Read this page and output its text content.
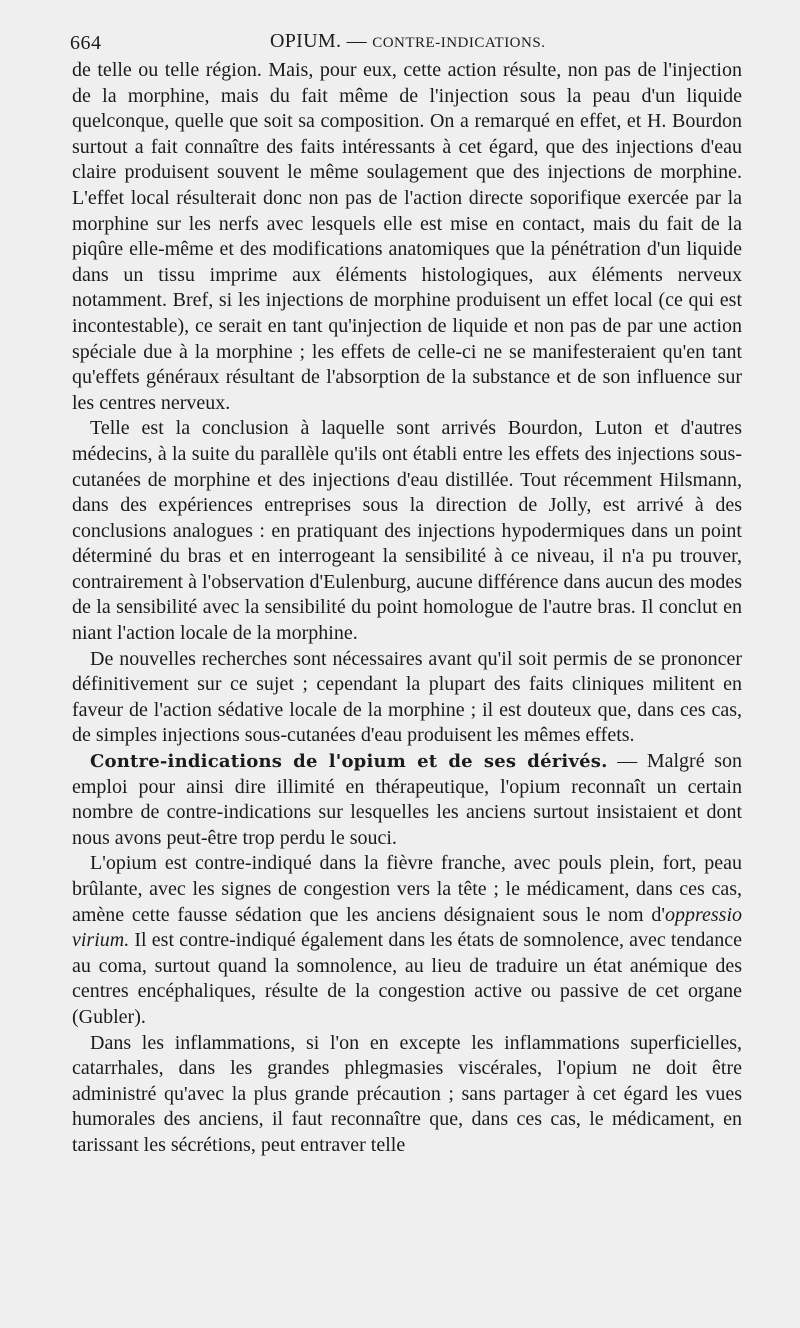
664	OPIUM. — CONTRE-INDICATIONS.

de telle ou telle région. Mais, pour eux, cette action résulte, non pas de l'injection de la morphine, mais du fait même de l'injection sous la peau d'un liquide quelconque, quelle que soit sa composition. On a remarqué en effet, et H. Bourdon surtout a fait connaître des faits intéressants à cet égard, que des injections d'eau claire produisent souvent le même soulagement que des injections de morphine. L'effet local résulterait donc non pas de l'action directe soporifique exercée par la morphine sur les nerfs avec lesquels elle est mise en contact, mais du fait de la piqûre elle-même et des modifications anatomiques que la pénétration d'un liquide dans un tissu imprime aux éléments histologiques, aux éléments nerveux notamment. Bref, si les injections de morphine produisent un effet local (ce qui est incontestable), ce serait en tant qu'injection de liquide et non pas de par une action spéciale due à la morphine ; les effets de celle-ci ne se manifesteraient qu'en tant qu'effets généraux résultant de l'absorption de la substance et de son influence sur les centres nerveux.

Telle est la conclusion à laquelle sont arrivés Bourdon, Luton et d'autres médecins, à la suite du parallèle qu'ils ont établi entre les effets des injections sous-cutanées de morphine et des injections d'eau distillée. Tout récemment Hilsmann, dans des expériences entreprises sous la direction de Jolly, est arrivé à des conclusions analogues : en pratiquant des injections hypodermiques dans un point déterminé du bras et en interrogeant la sensibilité à ce niveau, il n'a pu trouver, contrairement à l'observation d'Eulenburg, aucune différence dans aucun des modes de la sensibilité avec la sensibilité du point homologue de l'autre bras. Il conclut en niant l'action locale de la morphine.

De nouvelles recherches sont nécessaires avant qu'il soit permis de se prononcer définitivement sur ce sujet ; cependant la plupart des faits cliniques militent en faveur de l'action sédative locale de la morphine ; il est douteux que, dans ces cas, de simples injections sous-cutanées d'eau produisent les mêmes effets.

Contre-indications de l'opium et de ses dérivés. — Malgré son emploi pour ainsi dire illimité en thérapeutique, l'opium reconnaît un certain nombre de contre-indications sur lesquelles les anciens surtout insistaient et dont nous avons peut-être trop perdu le souci.

L'opium est contre-indiqué dans la fièvre franche, avec pouls plein, fort, peau brûlante, avec les signes de congestion vers la tête ; le médicament, dans ces cas, amène cette fausse sédation que les anciens désignaient sous le nom d'oppressio virium. Il est contre-indiqué également dans les états de somnolence, avec tendance au coma, surtout quand la somnolence, au lieu de traduire un état anémique des centres encéphaliques, résulte de la congestion active ou passive de cet organe (Gubler).

Dans les inflammations, si l'on en excepte les inflammations superficielles, catarrhales, dans les grandes phlegmasies viscérales, l'opium ne doit être administré qu'avec la plus grande précaution ; sans partager à cet égard les vues humorales des anciens, il faut reconnaître que, dans ces cas, le médicament, en tarissant les sécrétions, peut entraver telle
